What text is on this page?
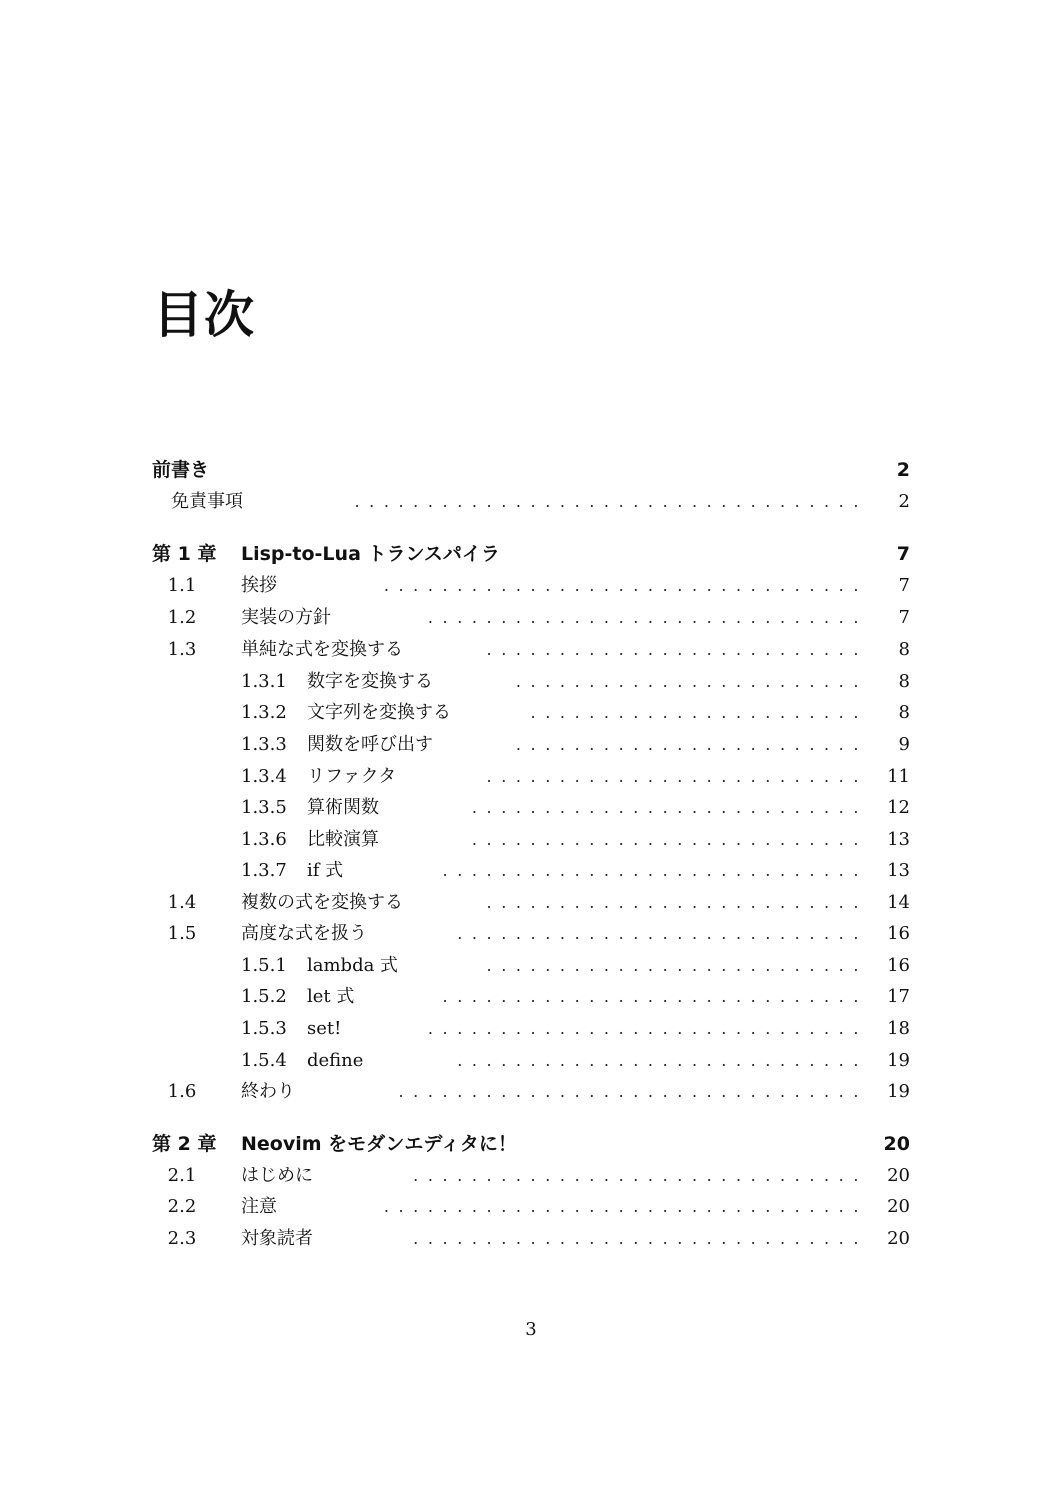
目次
前書き	2
免責事項	.   .   .   .   .   .   .   .   .   .   .   .   .   .   .   .   .   .   .   .   .   .   .   .   .   .   .   .   .   .   .   .   .   .   .    2
第 1 章 Lisp-to-Lua トランスパイラ	7
1.1	挨拶	.   .   .   .   .   .   .   .   .   .   .   .   .   .   .   .   .   .   .   .   .   .   .   .   .   .   .   .   .   .   .   .   .    7
1.2	実装の方針	.   .   .   .   .   .   .   .   .   .   .   .   .   .   .   .   .   .   .   .   .   .   .   .   .   .   .   .   .   .    7
1.3	単純な式を変換する	.   .   .   .   .   .   .   .   .   .   .   .   .   .   .   .   .   .   .   .   .   .   .   .   .   .    8
1.3.1 数字を変換する	.   .   .   .   .   .   .   .   .   .   .   .   .   .   .   .   .   .   .   .   .   .   .   .    8
1.3.2 文字列を変換する	.   .   .   .   .   .   .   .   .   .   .   .   .   .   .   .   .   .   .   .   .   .   .    8
1.3.3 関数を呼び出す	.   .   .   .   .   .   .   .   .   .   .   .   .   .   .   .   .   .   .   .   .   .   .   .    9
1.3.4 リファクタ	.   .   .   .   .   .   .   .   .   .   .   .   .   .   .   .   .   .   .   .   .   .   .   .   .   .    11
1.3.5 算術関数	.   .   .   .   .   .   .   .   .   .   .   .   .   .   .   .   .   .   .   .   .   .   .   .   .   .   .    12
1.3.6 比較演算	.   .   .   .   .   .   .   .   .   .   .   .   .   .   .   .   .   .   .   .   .   .   .   .   .   .   .    13
1.3.7 if 式	.   .   .   .   .   .   .   .   .   .   .   .   .   .   .   .   .   .   .   .   .   .   .   .   .   .   .   .   .    13
1.4	複数の式を変換する	.   .   .   .   .   .   .   .   .   .   .   .   .   .   .   .   .   .   .   .   .   .   .   .   .   .    14
1.5	高度な式を扱う	.   .   .   .   .   .   .   .   .   .   .   .   .   .   .   .   .   .   .   .   .   .   .   .   .   .   .   .    16
1.5.1 lambda 式	.   .   .   .   .   .   .   .   .   .   .   .   .   .   .   .   .   .   .   .   .   .   .   .   .   .    16
1.5.2 let 式	.   .   .   .   .   .   .   .   .   .   .   .   .   .   .   .   .   .   .   .   .   .   .   .   .   .   .   .   .    17
1.5.3 set!	.   .   .   .   .   .   .   .   .   .   .   .   .   .   .   .   .   .   .   .   .   .   .   .   .   .   .   .   .   .    18
1.5.4 define	.   .   .   .   .   .   .   .   .   .   .   .   .   .   .   .   .   .   .   .   .   .   .   .   .   .   .   .    19
1.6	終わり	.   .   .   .   .   .   .   .   .   .   .   .   .   .   .   .   .   .   .   .   .   .   .   .   .   .   .   .   .   .   .   .    19
第 2 章 Neovim をモダンエディタに！	20
2.1	はじめに	.   .   .   .   .   .   .   .   .   .   .   .   .   .   .   .   .   .   .   .   .   .   .   .   .   .   .   .   .   .   .    20
2.2	注意	.   .   .   .   .   .   .   .   .   .   .   .   .   .   .   .   .   .   .   .   .   .   .   .   .   .   .   .   .   .   .   .   .    20
2.3	対象読者	.   .   .   .   .   .   .   .   .   .   .   .   .   .   .   .   .   .   .   .   .   .   .   .   .   .   .   .   .   .   .    20
3
